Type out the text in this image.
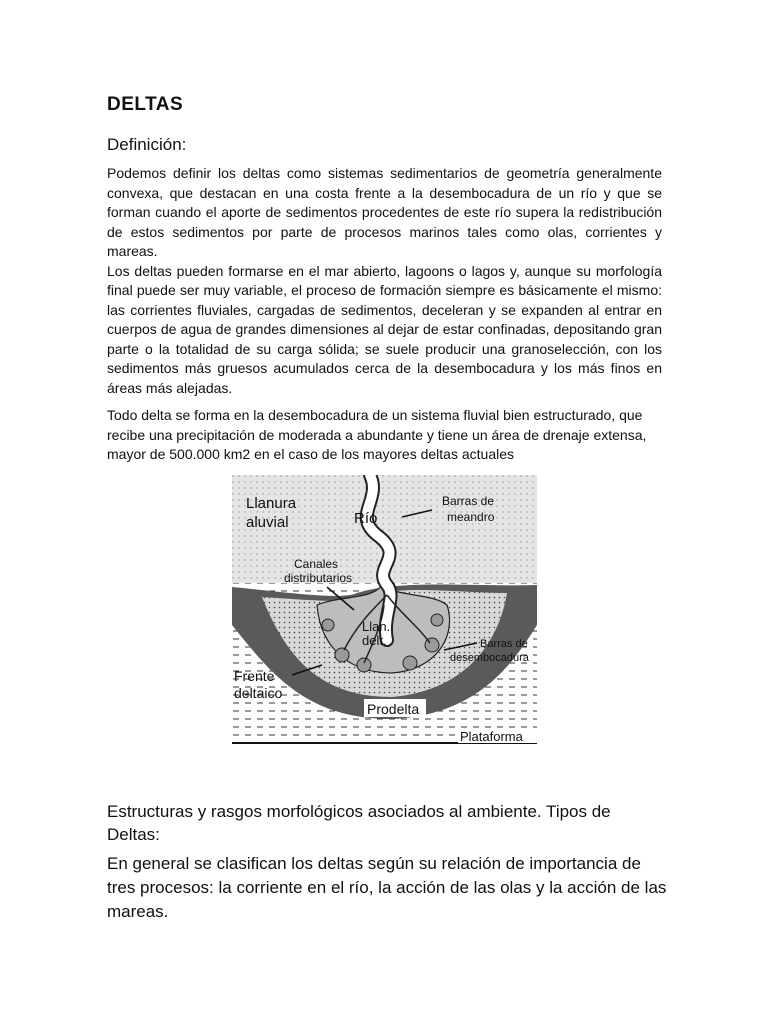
DELTAS
Definición:
Podemos definir los deltas como sistemas sedimentarios de geometría generalmente convexa, que destacan en una costa frente a la desembocadura de un río y que se forman cuando el aporte de sedimentos procedentes de este río supera la redistribución de estos sedimentos por parte de procesos marinos tales como olas, corrientes y mareas.
Los deltas pueden formarse en el mar abierto, lagoons o lagos y, aunque su morfología final puede ser muy variable, el proceso de formación siempre es básicamente el mismo: las corrientes fluviales, cargadas de sedimentos, deceleran y se expanden al entrar en cuerpos de agua de grandes dimensiones al dejar de estar confinadas, depositando gran parte o la totalidad de su carga sólida; se suele producir una granoselección, con los sedimentos más gruesos acumulados cerca de la desembocadura y los más finos en áreas más alejadas.

Todo delta se forma en la desembocadura de un sistema fluvial bien estructurado, que recibe una precipitación de moderada a abundante y tiene un área de drenaje extensa, mayor de 500.000 km2 en el caso de los mayores deltas actuales

Llanura
aluvial	Río
Barras de
meandro
Canales
distributarios
Llan.
delt.	Barras de
desembocadura
Frente
deltaico
Prodelta
Plataforma
Estructuras y rasgos morfológicos asociados al ambiente. Tipos de Deltas:

En general se clasifican los deltas según su relación de importancia de tres procesos: la corriente en el río, la acción de las olas y la acción de las mareas.
